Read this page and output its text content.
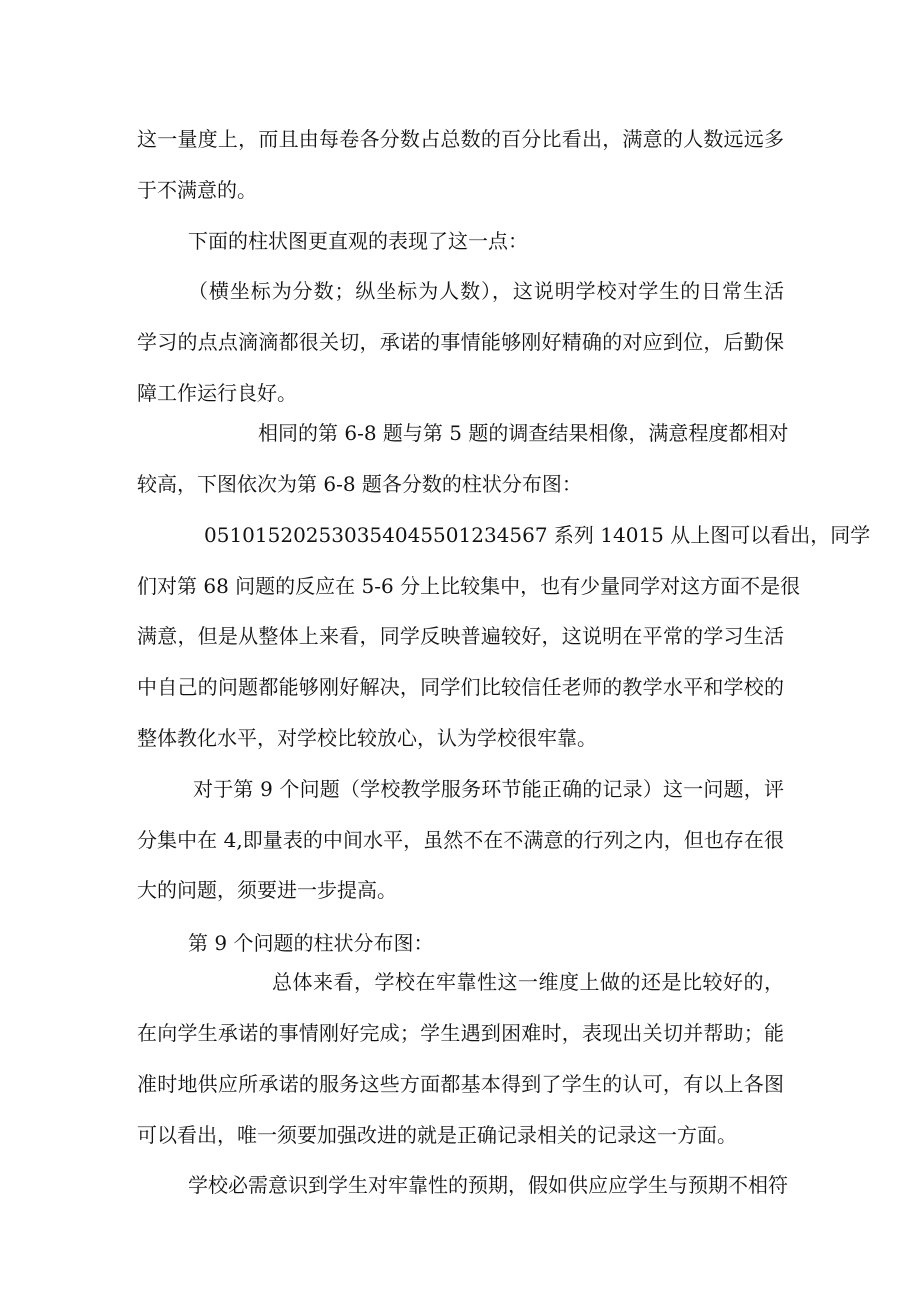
这一量度上，而且由每卷各分数占总数的百分比看出，满意的人数远远多
于不满意的。
下面的柱状图更直观的表现了这一点：
（横坐标为分数；纵坐标为人数），这说明学校对学生的日常生活
学习的点点滴滴都很关切，承诺的事情能够刚好精确的对应到位，后勤保
障工作运行良好。
相同的第 6-8 题与第 5 题的调查结果相像，满意程度都相对
较高，下图依次为第 6-8 题各分数的柱状分布图：
0510152025303540455012345​67 系列 14015 从上图可以看出，同学
们对第 68 问题的反应在 5-6 分上比较集中，也有少量同学对这方面不是很
满意，但是从整体上来看，同学反映普遍较好，这说明在平常的学习生活
中自己的问题都能够刚好解决，同学们比较信任老师的教学水平和学校的
整体教化水平，对学校比较放心，认为学校很牢靠。
对于第 9 个问题（学校教学服务环节能正确的记录）这一问题，评
分集中在 4,即量表的中间水平，虽然不在不满意的行列之内，但也存在很
大的问题，须要进一步提高。
第 9 个问题的柱状分布图：
总体来看，学校在牢靠性这一维度上做的还是比较好的，
在向学生承诺的事情刚好完成；学生遇到困难时，表现出关切并帮助；能
准时地供应所承诺的服务这些方面都基本得到了学生的认可，有以上各图
可以看出，唯一须要加强改进的就是正确记录相关的记录这一方面。
学校必需意识到学生对牢靠性的预期，假如供应应学生与预期不相符
